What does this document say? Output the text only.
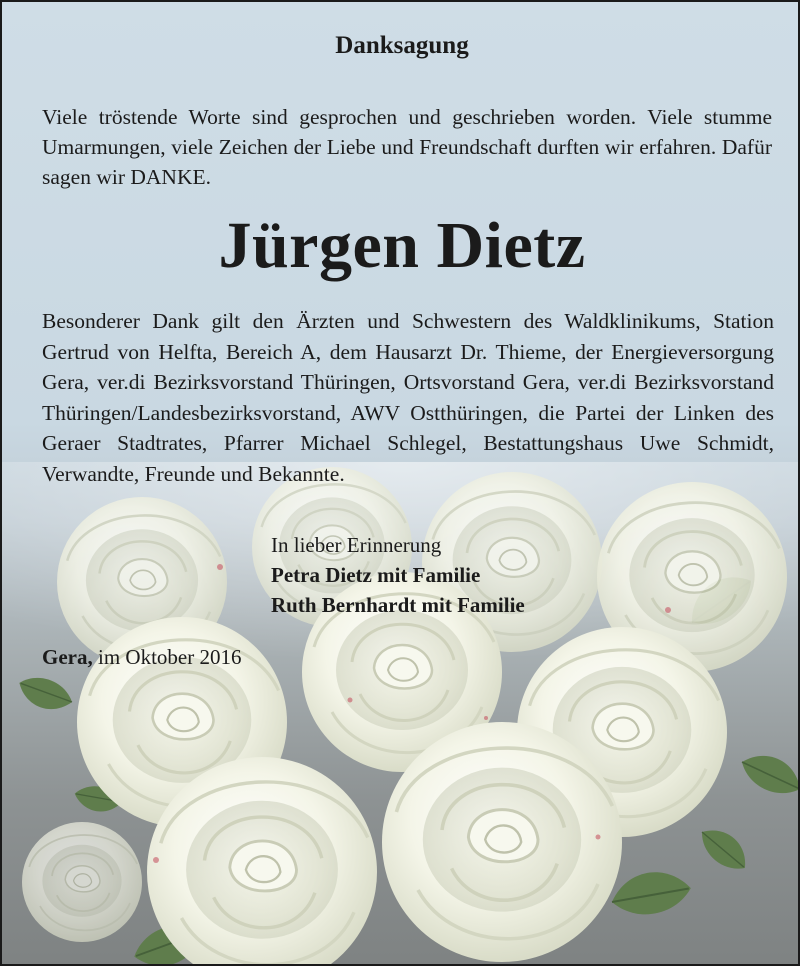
Danksagung

Viele tröstende Worte sind gesprochen und geschrieben worden. Viele stumme Umarmungen, viele Zeichen der Liebe und Freundschaft durften wir erfahren. Dafür sagen wir DANKE.

Jürgen Dietz

Besonderer Dank gilt den Ärzten und Schwestern des Waldklinikums, Station Gertrud von Helfta, Bereich A, dem Hausarzt Dr. Thieme, der Energieversorgung Gera, ver.di Bezirksvorstand Thüringen, Ortsvorstand Gera, ver.di Bezirksvorstand Thüringen/Landesbezirksvorstand, AWV Ostthüringen, die Partei der Linken des Geraer Stadtrates, Pfarrer Michael Schlegel, Bestattungshaus Uwe Schmidt, Verwandte, Freunde und Bekannte.

In lieber Erinnerung
Petra Dietz mit Familie
Ruth Bernhardt mit Familie
Gera, im Oktober 2016
